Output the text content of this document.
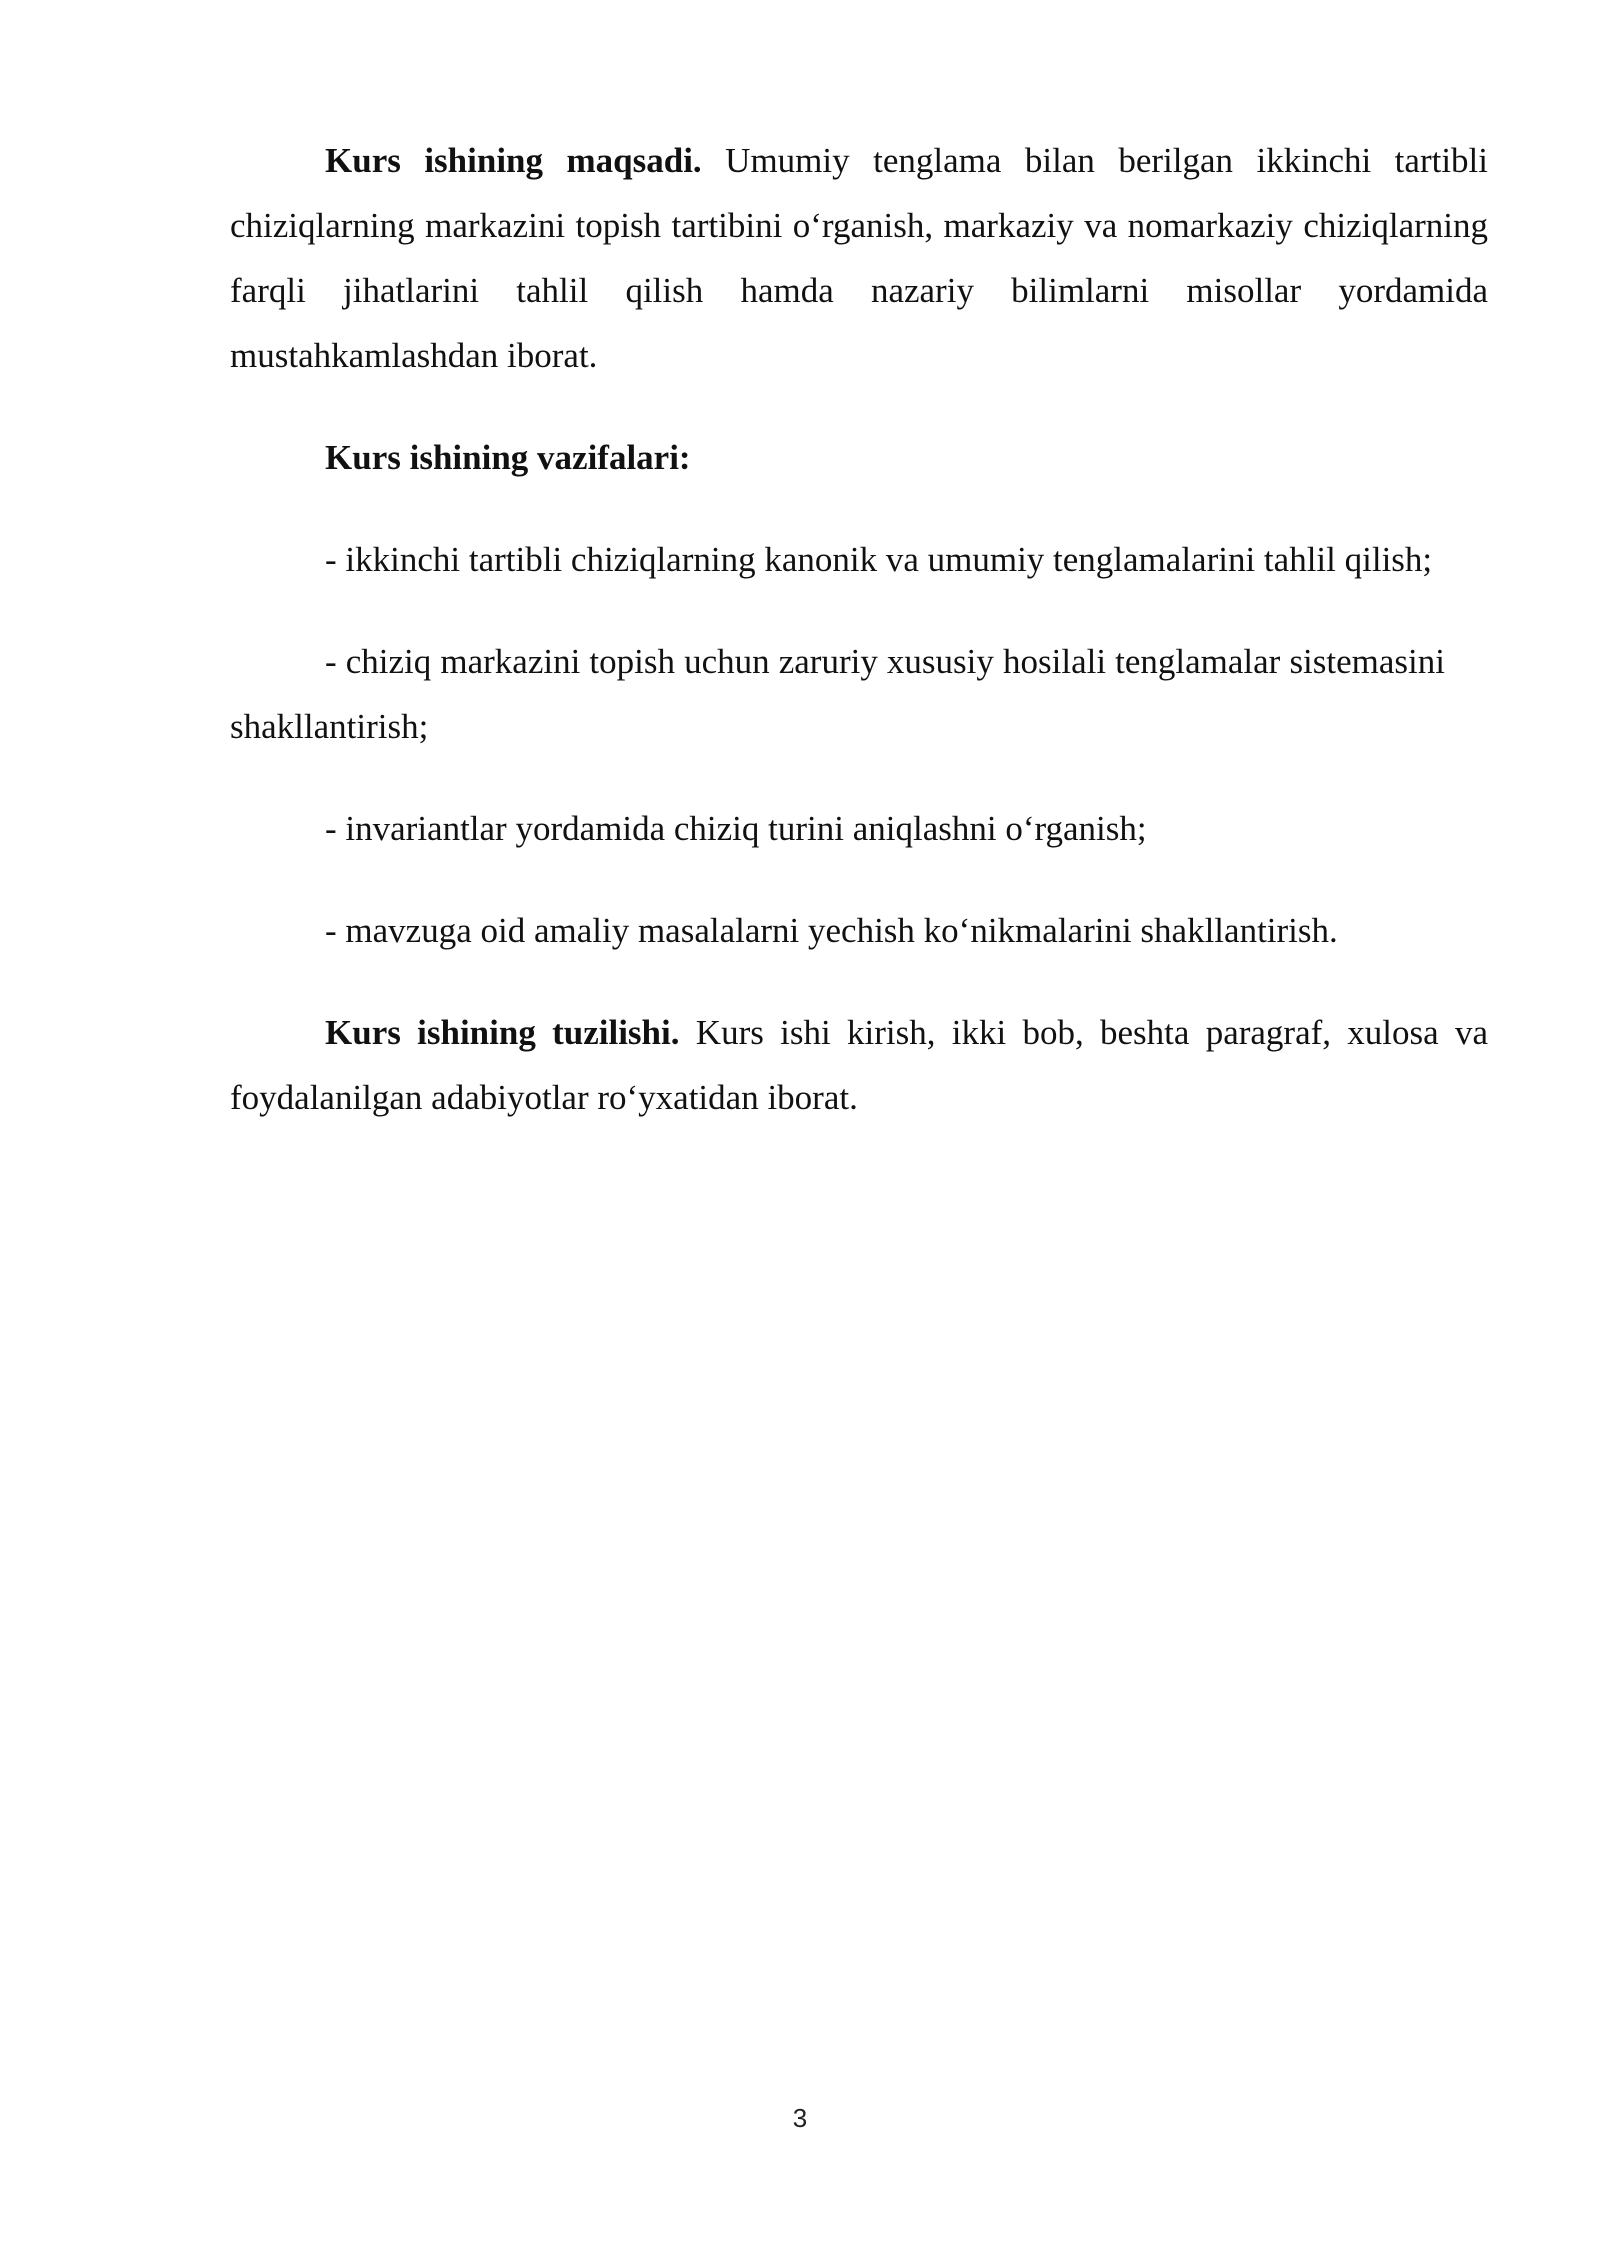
Kurs ishining maqsadi. Umumiy tenglama bilan berilgan ikkinchi tartibli chiziqlarning markazini topish tartibini o‘rganish, markaziy va nomarkaziy chiziqlarning farqli jihatlarini tahlil qilish hamda nazariy bilimlarni misollar yordamida mustahkamlashdan iborat.

Kurs ishining vazifalari:

- ikkinchi tartibli chiziqlarning kanonik va umumiy tenglamalarini tahlil qilish;

- chiziq markazini topish uchun zaruriy xususiy hosilali tenglamalar sistemasini shakllantirish;

- invariantlar yordamida chiziq turini aniqlashni o‘rganish;

- mavzuga oid amaliy masalalarni yechish ko‘nikmalarini shakllantirish.

Kurs ishining tuzilishi. Kurs ishi kirish, ikki bob, beshta paragraf, xulosa va foydalanilgan adabiyotlar ro‘yxatidan iborat.

3
